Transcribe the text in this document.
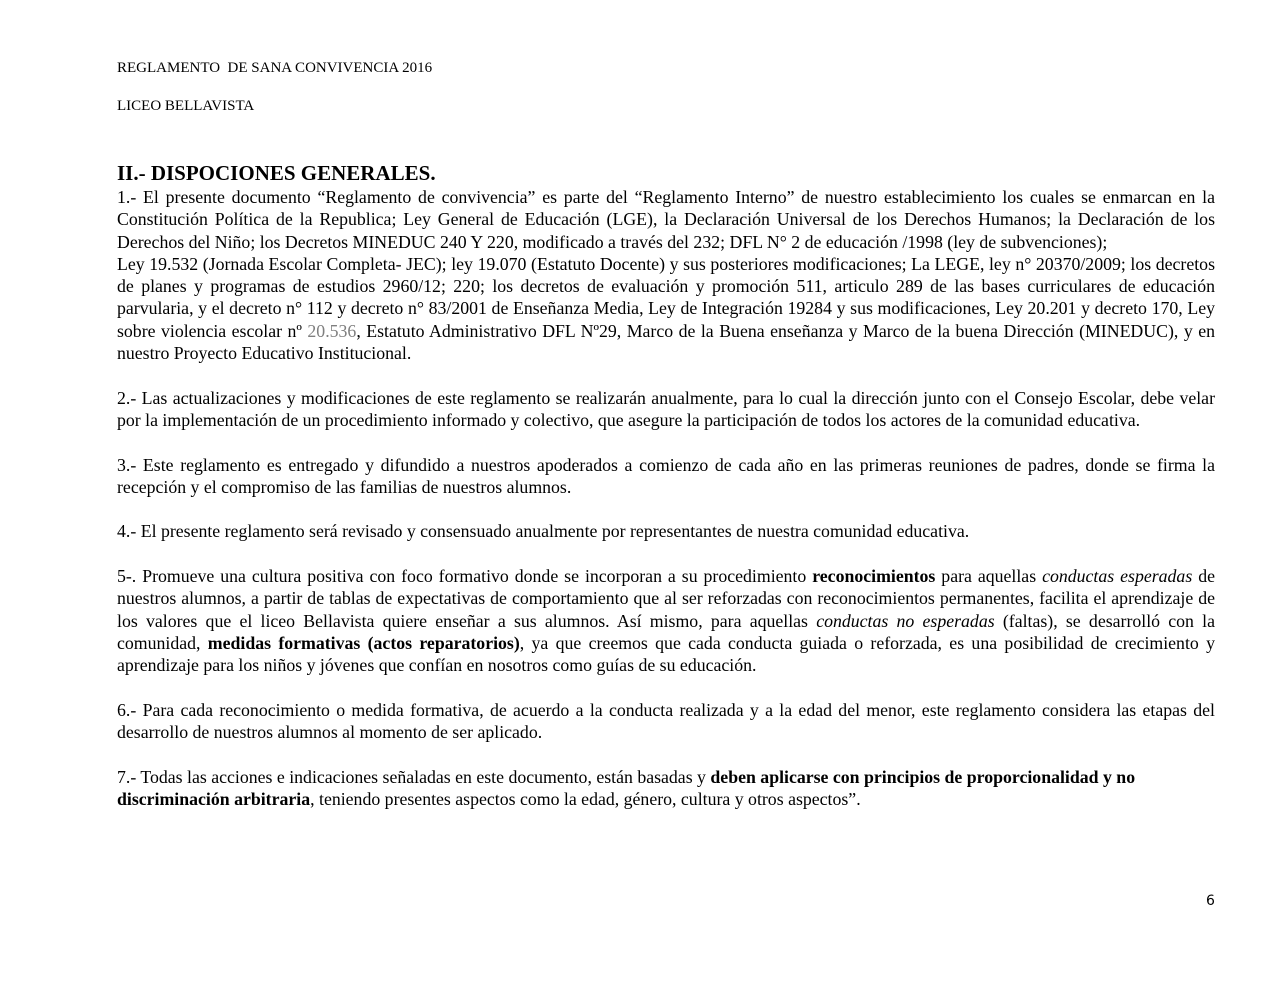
REGLAMENTO  DE SANA CONVIVENCIA 2016
LICEO BELLAVISTA
II.- DISPOCIONES GENERALES.

1.- El presente documento “Reglamento de convivencia” es parte del “Reglamento Interno” de nuestro establecimiento los cuales se enmarcan en la Constitución Política de la Republica; Ley General de Educación (LGE), la Declaración Universal de los Derechos Humanos; la Declaración de los Derechos del Niño; los Decretos MINEDUC 240 Y 220, modificado a través del 232; DFL N° 2 de educación /1998 (ley de subvenciones);

Ley 19.532 (Jornada Escolar Completa- JEC); ley 19.070 (Estatuto Docente) y sus posteriores modificaciones; La LEGE, ley n° 20370/2009; los decretos de planes y programas de estudios 2960/12; 220; los decretos de evaluación y promoción 511, articulo 289 de las bases curriculares de educación parvularia, y el decreto n° 112 y decreto n° 83/2001 de Enseñanza Media, Ley de Integración 19284 y sus modificaciones, Ley 20.201 y decreto 170, Ley sobre violencia escolar nº 20.536, Estatuto Administrativo DFL Nº29, Marco de la Buena enseñanza y Marco de la buena Dirección (MINEDUC), y en nuestro Proyecto Educativo Institucional.

2.- Las actualizaciones y modificaciones de este reglamento se realizarán anualmente, para lo cual la dirección junto con el Consejo Escolar, debe velar por la implementación de un procedimiento informado y colectivo, que asegure la participación de todos los actores de la comunidad educativa.

3.- Este reglamento es entregado y difundido a nuestros apoderados a comienzo de cada año en las primeras reuniones de padres, donde se firma la recepción y el compromiso de las familias de nuestros alumnos.

4.- El presente reglamento será revisado y consensuado anualmente por representantes de nuestra comunidad educativa.

5-. Promueve una cultura positiva con foco formativo donde se incorporan a su procedimiento reconocimientos para aquellas conductas esperadas de nuestros alumnos, a partir de tablas de expectativas de comportamiento que al ser reforzadas con reconocimientos permanentes, facilita el aprendizaje de los valores que el liceo Bellavista quiere enseñar a sus alumnos. Así mismo, para aquellas conductas no esperadas (faltas), se desarrolló con la comunidad, medidas formativas (actos reparatorios), ya que creemos que cada conducta guiada o reforzada, es una posibilidad de crecimiento y aprendizaje para los niños y jóvenes que confían en nosotros como guías de su educación.

6.- Para cada reconocimiento o medida formativa, de acuerdo a la conducta realizada y a la edad del menor, este reglamento considera las etapas del desarrollo de nuestros alumnos al momento de ser aplicado.

7.- Todas las acciones e indicaciones señaladas en este documento, están basadas y deben aplicarse con principios de proporcionalidad y no discriminación arbitraria, teniendo presentes aspectos como la edad, género, cultura y otros aspectos”.

6
